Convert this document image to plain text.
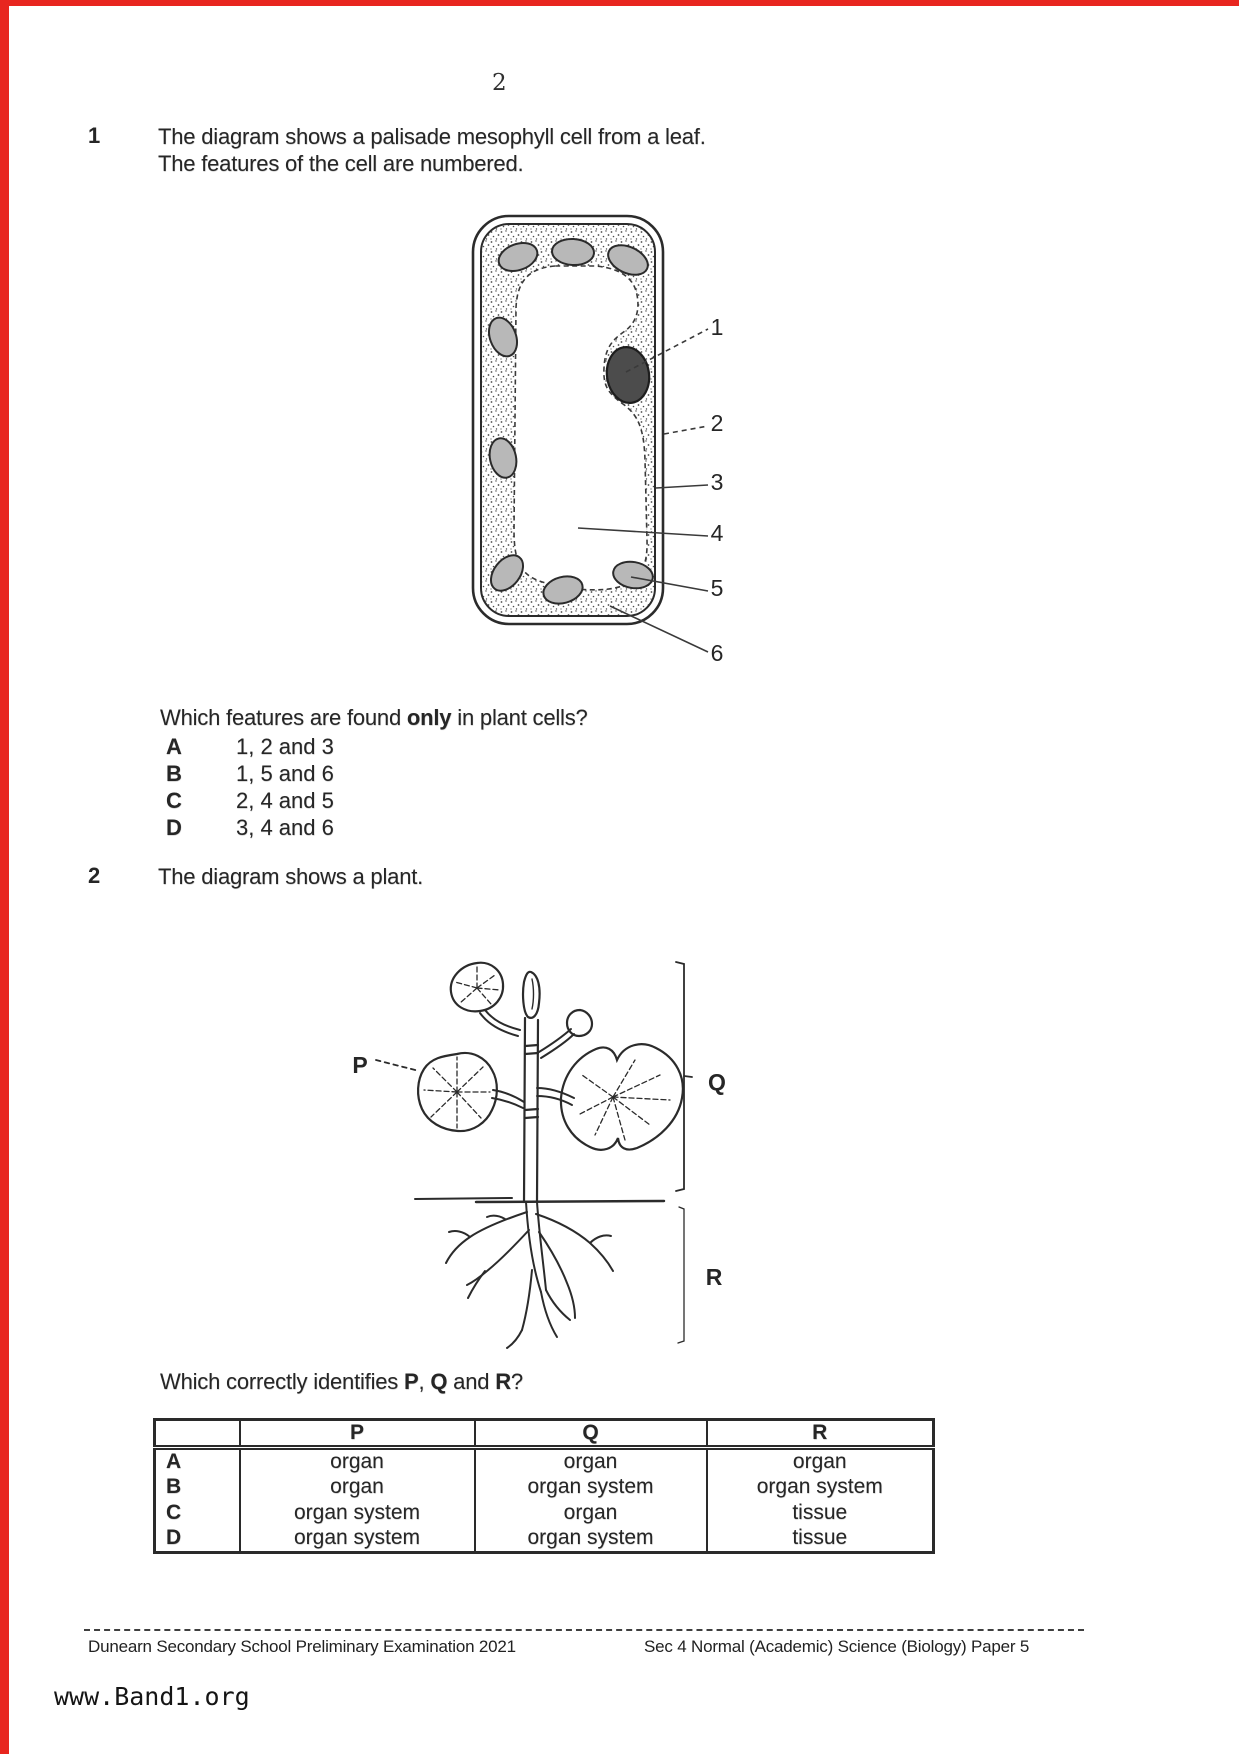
2
1	The diagram shows a palisade mesophyll cell from a leaf.
The features of the cell are numbered.
1
2
3
4
5
6
Which features are found only in plant cells?
A 1, 2 and 3
B 1, 5 and 6
C 2, 4 and 5
D 3, 4 and 6
2	The diagram shows a plant.
P
Q
R
Which correctly identifies P, Q and R?
	P	Q	R
A	organ	organ	organ
B	organ	organ system	organ system
C	organ system	organ	tissue
D	organ system	organ system	tissue
Dunearn Secondary School Preliminary Examination 2021	Sec 4 Normal (Academic) Science (Biology) Paper 5
www.Band1.org
